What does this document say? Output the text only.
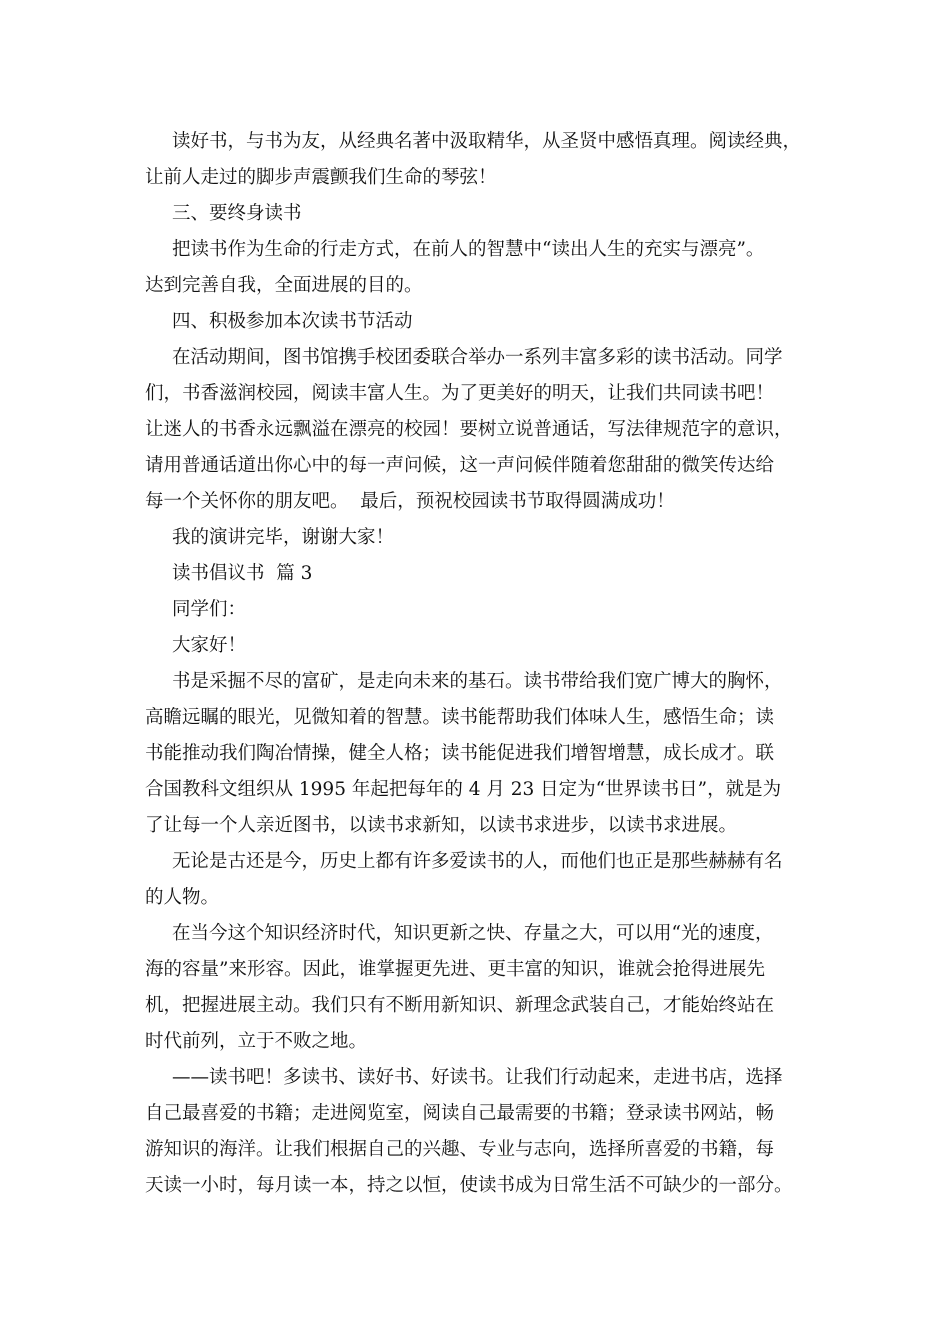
读好书，与书为友，从经典名著中汲取精华，从圣贤中感悟真理。阅读经典，

让前人走过的脚步声震颤我们生命的琴弦！

三、要终身读书

把读书作为生命的行走方式，在前人的智慧中“读出人生的充实与漂亮”。

达到完善自我，全面进展的目的。

四、积极参加本次读书节活动

在活动期间，图书馆携手校团委联合举办一系列丰富多彩的读书活动。同学

们，书香滋润校园，阅读丰富人生。为了更美好的明天，让我们共同读书吧！

让迷人的书香永远飘溢在漂亮的校园！要树立说普通话，写法律规范字的意识，

请用普通话道出你心中的每一声问候，这一声问候伴随着您甜甜的微笑传达给

每一个关怀你的朋友吧。  最后，预祝校园读书节取得圆满成功！

我的演讲完毕，谢谢大家！

读书倡议书  篇 3

同学们：

大家好！

书是采掘不尽的富矿，是走向未来的基石。读书带给我们宽广博大的胸怀，

高瞻远瞩的眼光，见微知着的智慧。读书能帮助我们体味人生，感悟生命；读

书能推动我们陶冶情操，健全人格；读书能促进我们增智增慧，成长成才。联

合国教科文组织从 1995 年起把每年的 4 月 23 日定为“世界读书日”，就是为

了让每一个人亲近图书，以读书求新知，以读书求进步，以读书求进展。

无论是古还是今，历史上都有许多爱读书的人，而他们也正是那些赫赫有名

的人物。

在当今这个知识经济时代，知识更新之快、存量之大，可以用“光的速度，

海的容量”来形容。因此，谁掌握更先进、更丰富的知识，谁就会抢得进展先

机，把握进展主动。我们只有不断用新知识、新理念武装自己，才能始终站在

时代前列，立于不败之地。

——读书吧！多读书、读好书、好读书。让我们行动起来，走进书店，选择

自己最喜爱的书籍；走进阅览室，阅读自己最需要的书籍；登录读书网站，畅

游知识的海洋。让我们根据自己的兴趣、专业与志向，选择所喜爱的书籍，每

天读一小时，每月读一本，持之以恒，使读书成为日常生活不可缺少的一部分。
